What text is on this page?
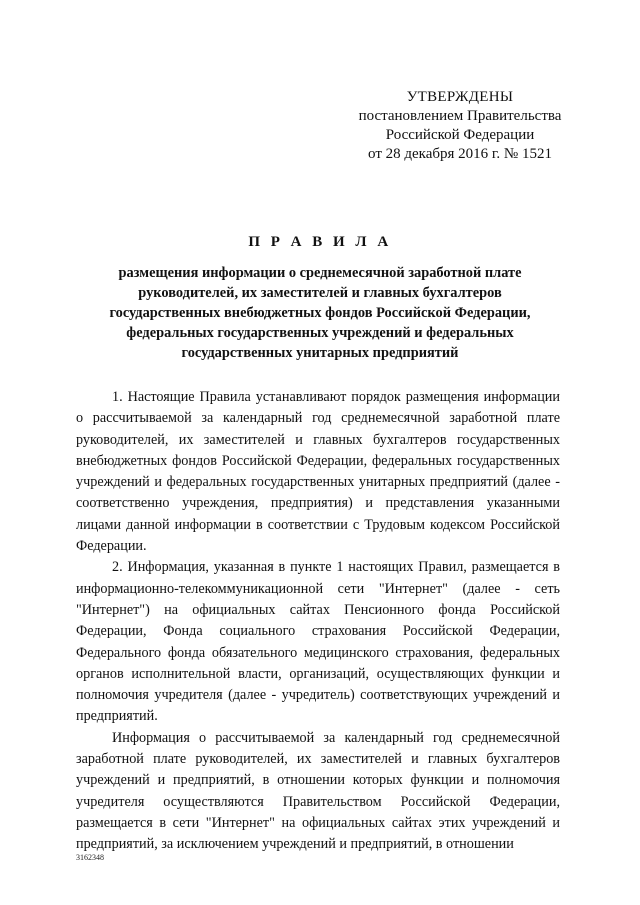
УТВЕРЖДЕНЫ
постановлением Правительства
Российской Федерации
от 28 декабря 2016 г. № 1521
П Р А В И Л А
размещения информации о среднемесячной заработной плате
руководителей, их заместителей и главных бухгалтеров
государственных внебюджетных фондов Российской Федерации,
федеральных государственных учреждений и федеральных
государственных унитарных предприятий

1. Настоящие Правила устанавливают порядок размещения информации о рассчитываемой за календарный год среднемесячной заработной плате руководителей, их заместителей и главных бухгалтеров государственных внебюджетных фондов Российской Федерации, федеральных государственных учреждений и федеральных государственных унитарных предприятий (далее - соответственно учреждения, предприятия) и представления указанными лицами данной информации в соответствии с Трудовым кодексом Российской Федерации.

2. Информация, указанная в пункте 1 настоящих Правил, размещается в информационно-телекоммуникационной сети "Интернет" (далее - сеть "Интернет") на официальных сайтах Пенсионного фонда Российской Федерации, Фонда социального страхования Российской Федерации, Федерального фонда обязательного медицинского страхования, федеральных органов исполнительной власти, организаций, осуществляющих функции и полномочия учредителя (далее - учредитель) соответствующих учреждений и предприятий.

Информация о рассчитываемой за календарный год среднемесячной заработной плате руководителей, их заместителей и главных бухгалтеров учреждений и предприятий, в отношении которых функции и полномочия учредителя осуществляются Правительством Российской Федерации, размещается в сети "Интернет" на официальных сайтах этих учреждений и предприятий, за исключением учреждений и предприятий, в отношении

3162348
